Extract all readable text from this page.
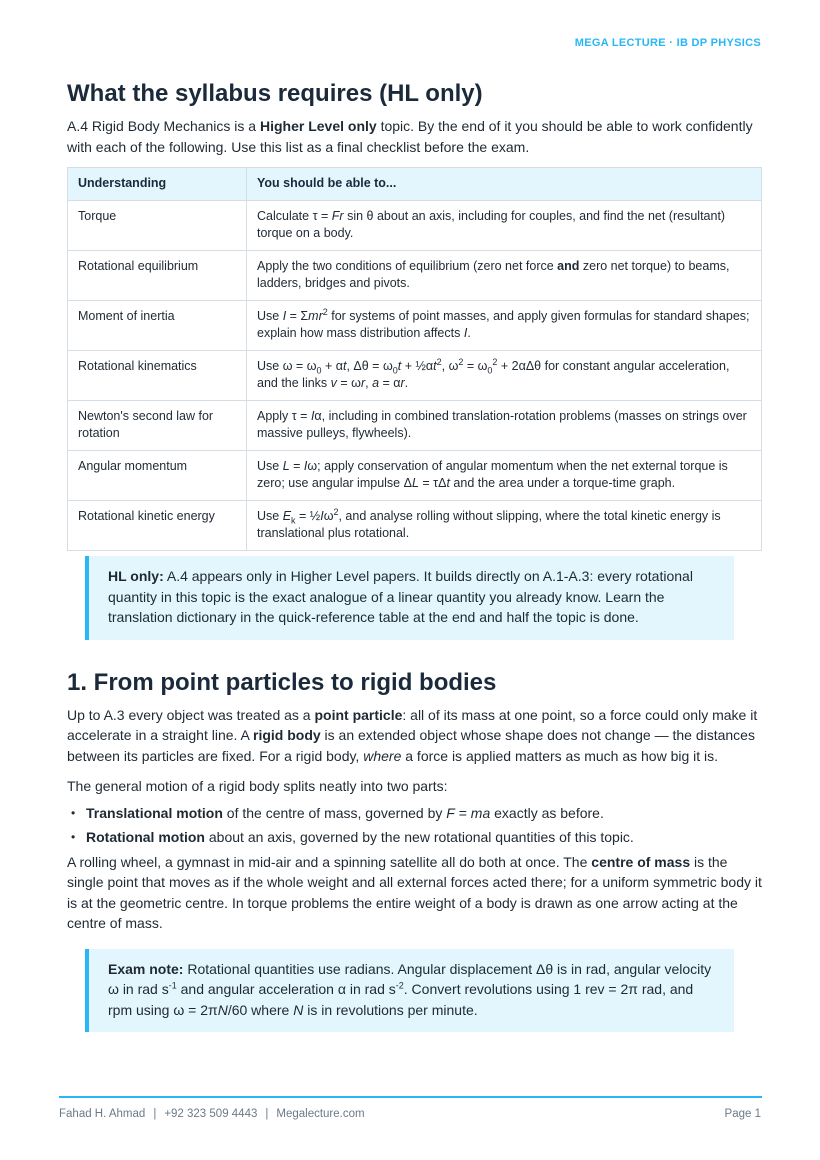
MEGA LECTURE · IB DP PHYSICS
What the syllabus requires (HL only)

A.4 Rigid Body Mechanics is a Higher Level only topic. By the end of it you should be able to work confidently with each of the following. Use this list as a final checklist before the exam.

Understanding	You should be able to...
Torque	Calculate τ = Fr sin θ about an axis, including for couples, and find the net (resultant) torque on a body.
Rotational equilibrium	Apply the two conditions of equilibrium (zero net force and zero net torque) to beams, ladders, bridges and pivots.
Moment of inertia	Use I = Σmr$^2$ for systems of point masses, and apply given formulas for standard shapes; explain how mass distribution affects I.
Rotational kinematics	Use $\omega = \omega_0 + \alpha t$, $\Delta\theta = \omega_0t$ + $\frac{1}{2}\alpha t^2$, $\omega^2 = \omega_0^2 + 2\alpha\Delta\theta$ for constant angular acceleration, and the links v = ωr, a = αr.
Newton's second law for rotation	Apply τ = Iα, including in combined translation-rotation problems (masses on strings over massive pulleys, flywheels).
Angular momentum	Use L = Iω; apply conservation of angular momentum when the net external torque is zero; use angular impulse ΔL = τΔt and the area under a torque-time graph.
Rotational kinetic energy	Use $E_k$ = $\frac{1}{2}I\omega^2$, and analyse rolling without slipping, where the total kinetic energy is translational plus rotational.
HL only: A.4 appears only in Higher Level papers. It builds directly on A.1-A.3: every rotational quantity in this topic is the exact analogue of a linear quantity you already know. Learn the translation dictionary in the quick-reference table at the end and half the topic is done.
1. From point particles to rigid bodies

Up to A.3 every object was treated as a point particle: all of its mass at one point, so a force could only make it accelerate in a straight line. A rigid body is an extended object whose shape does not change — the distances between its particles are fixed. For a rigid body, where a force is applied matters as much as how big it is.

The general motion of a rigid body splits neatly into two parts:

• Translational motion of the centre of mass, governed by F = ma exactly as before.
• Rotational motion about an axis, governed by the new rotational quantities of this topic.

A rolling wheel, a gymnast in mid-air and a spinning satellite all do both at once. The centre of mass is the single point that moves as if the whole weight and all external forces acted there; for a uniform symmetric body it is at the geometric centre. In torque problems the entire weight of a body is drawn as one arrow acting at the centre of mass.

Exam note: Rotational quantities use radians. Angular displacement Δθ is in rad, angular velocity ω in rad $s^{-1}$ and angular acceleration α in rad $s^{-2}$. Convert revolutions using 1 rev = 2π rad, and rpm using ω = 2πN/60 where N is in revolutions per minute.
Fahad H. Ahmad | +92 323 509 4443 | Megalecture.com	Page 1
